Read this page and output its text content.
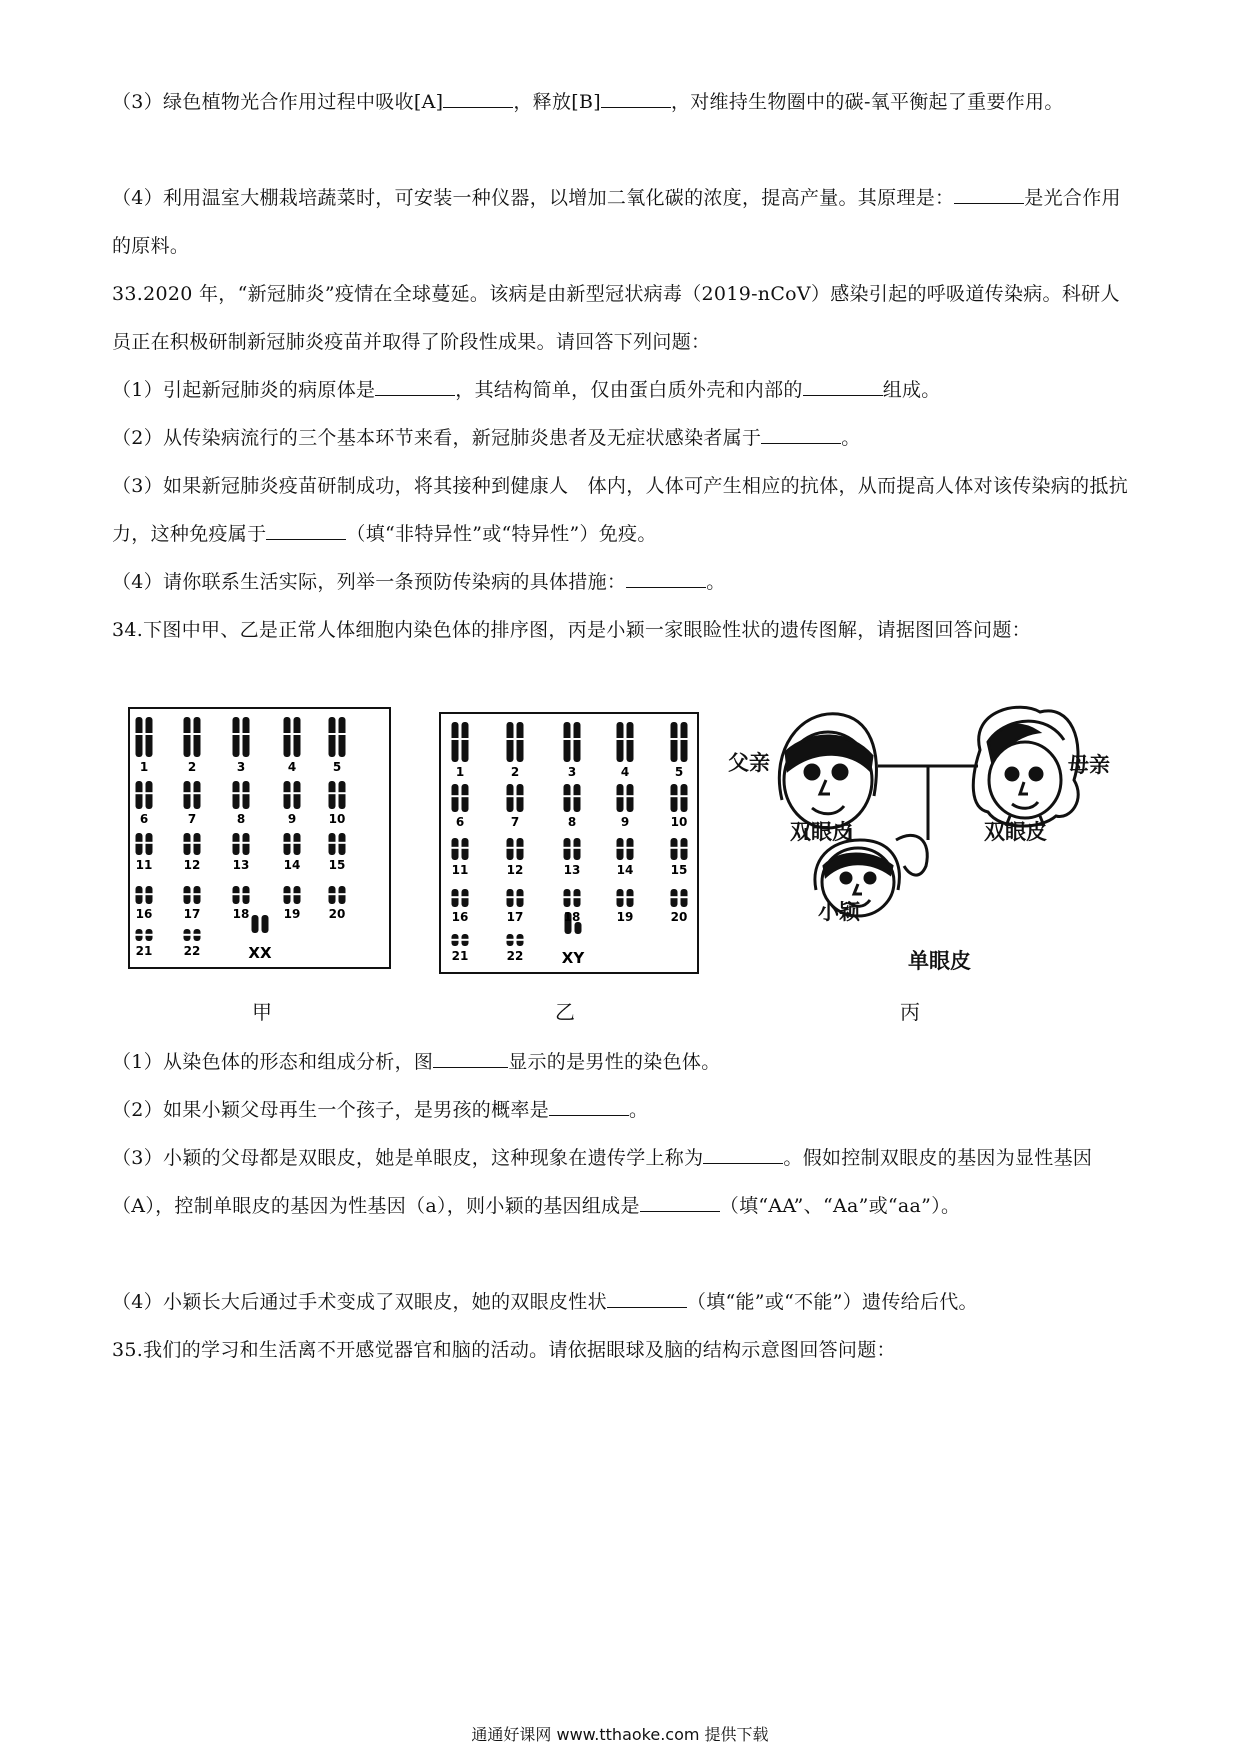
（3）绿色植物光合作用过程中吸收[A]	，释放[B]	，对维持生物圈中的碳-氧平衡起了重要作用。

（4）利用温室大棚栽培蔬菜时，可安装一种仪器，以增加二氧化碳的浓度，提高产量。其原理是：	是光合作用的原料。

33.2020 年，“新冠肺炎”疫情在全球蔓延。该病是由新型冠状病毒（2019-nCoV）感染引起的呼吸道传染病。科研人员正在积极研制新冠肺炎疫苗并取得了阶段性成果。请回答下列问题：

（1）引起新冠肺炎的病原体是	，其结构简单，仅由蛋白质外壳和内部的	组成。

（2）从传染病流行的三个基本环节来看，新冠肺炎患者及无症状感染者属于	。

（3）如果新冠肺炎疫苗研制成功，将其接种到健康人　体内，人体可产生相应的抗体，从而提高人体对该传染病的抵抗力，这种免疫属于	（填“非特异性”或“特异性”）免疫。

（4）请你联系生活实际，列举一条预防传染病的具体措施：	。

34.下图中甲、乙是正常人体细胞内染色体的排序图，丙是小颖一家眼睑性状的遗传图解，请据图回答问题：

1	2	3	4	5
6	7	8	9	10
11	12	13	14 15
16	17	18	19 20
21	22	XX
1	2	3	4	5
6	7	8	9	10
11	12	13	14	15
16	17	18	19	20
21	22	XY
父亲	母亲
双眼皮	双眼皮
小颖
单眼皮
甲	乙	丙

（1）从染色体的形态和组成分析，图	显示的是男性的染色体。

（2）如果小颖父母再生一个孩子，是男孩的概率是	。

（3）小颖的父母都是双眼皮，她是单眼皮，这种现象在遗传学上称为	。假如控制双眼皮的基因为显性基因（A），控制单眼皮的基因为性基因（a），则小颖的基因组成是	（填“AA”、“Aa”或“aa”）。

（4）小颖长大后通过手术变成了双眼皮，她的双眼皮性状	（填“能”或“不能”）遗传给后代。

35.我们的学习和生活离不开感觉器官和脑的活动。请依据眼球及脑的结构示意图回答问题：

通通好课网 www.tthaoke.com 提供下载
